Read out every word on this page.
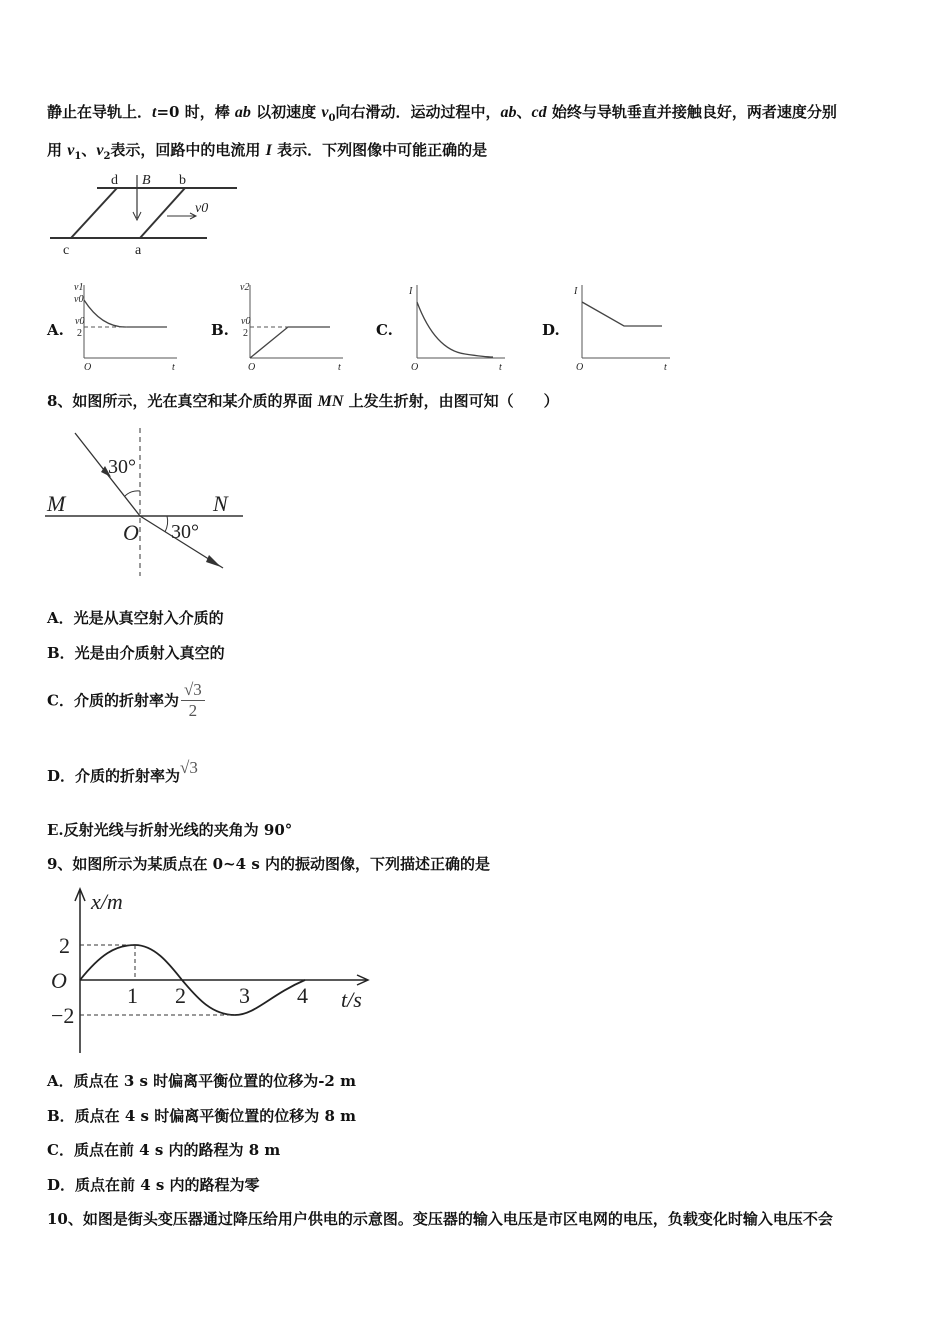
静止在导轨上．t=0 时，棒 ab 以初速度 $v_0$向右滑动．运动过程中，ab、cd 始终与导轨垂直并接触良好，两者速度分别
用 $v_1$、$v_2$表示，回路中的电流用 I 表示．下列图像中可能正确的是
d B b
v0
c	a
A.
v1
v0
v0
2
O	t
B.
v2
v0
2
O	t
C.
I
O	t
D.
I
O	t
8、如图所示，光在真空和某介质的界面 MN 上发生折射，由图可知（　　）
30°
30°
M	N
O
A．光是从真空射入介质的
B．光是由介质射入真空的
C．介质的折射率为 $\frac{√3}{2}$
D．介质的折射率为√3
E.反射光线与折射光线的夹角为 90°
9、如图所示为某质点在 0~4 s 内的振动图像，下列描述正确的是
x/m
t/s
O
2
−2
1 2 3 4
A．质点在 3 s 时偏离平衡位置的位移为-2 m
B．质点在 4 s 时偏离平衡位置的位移为 8 m
C．质点在前 4 s 内的路程为 8 m
D．质点在前 4 s 内的路程为零
10、如图是街头变压器通过降压给用户供电的示意图。变压器的输入电压是市区电网的电压，负载变化时输入电压不会
